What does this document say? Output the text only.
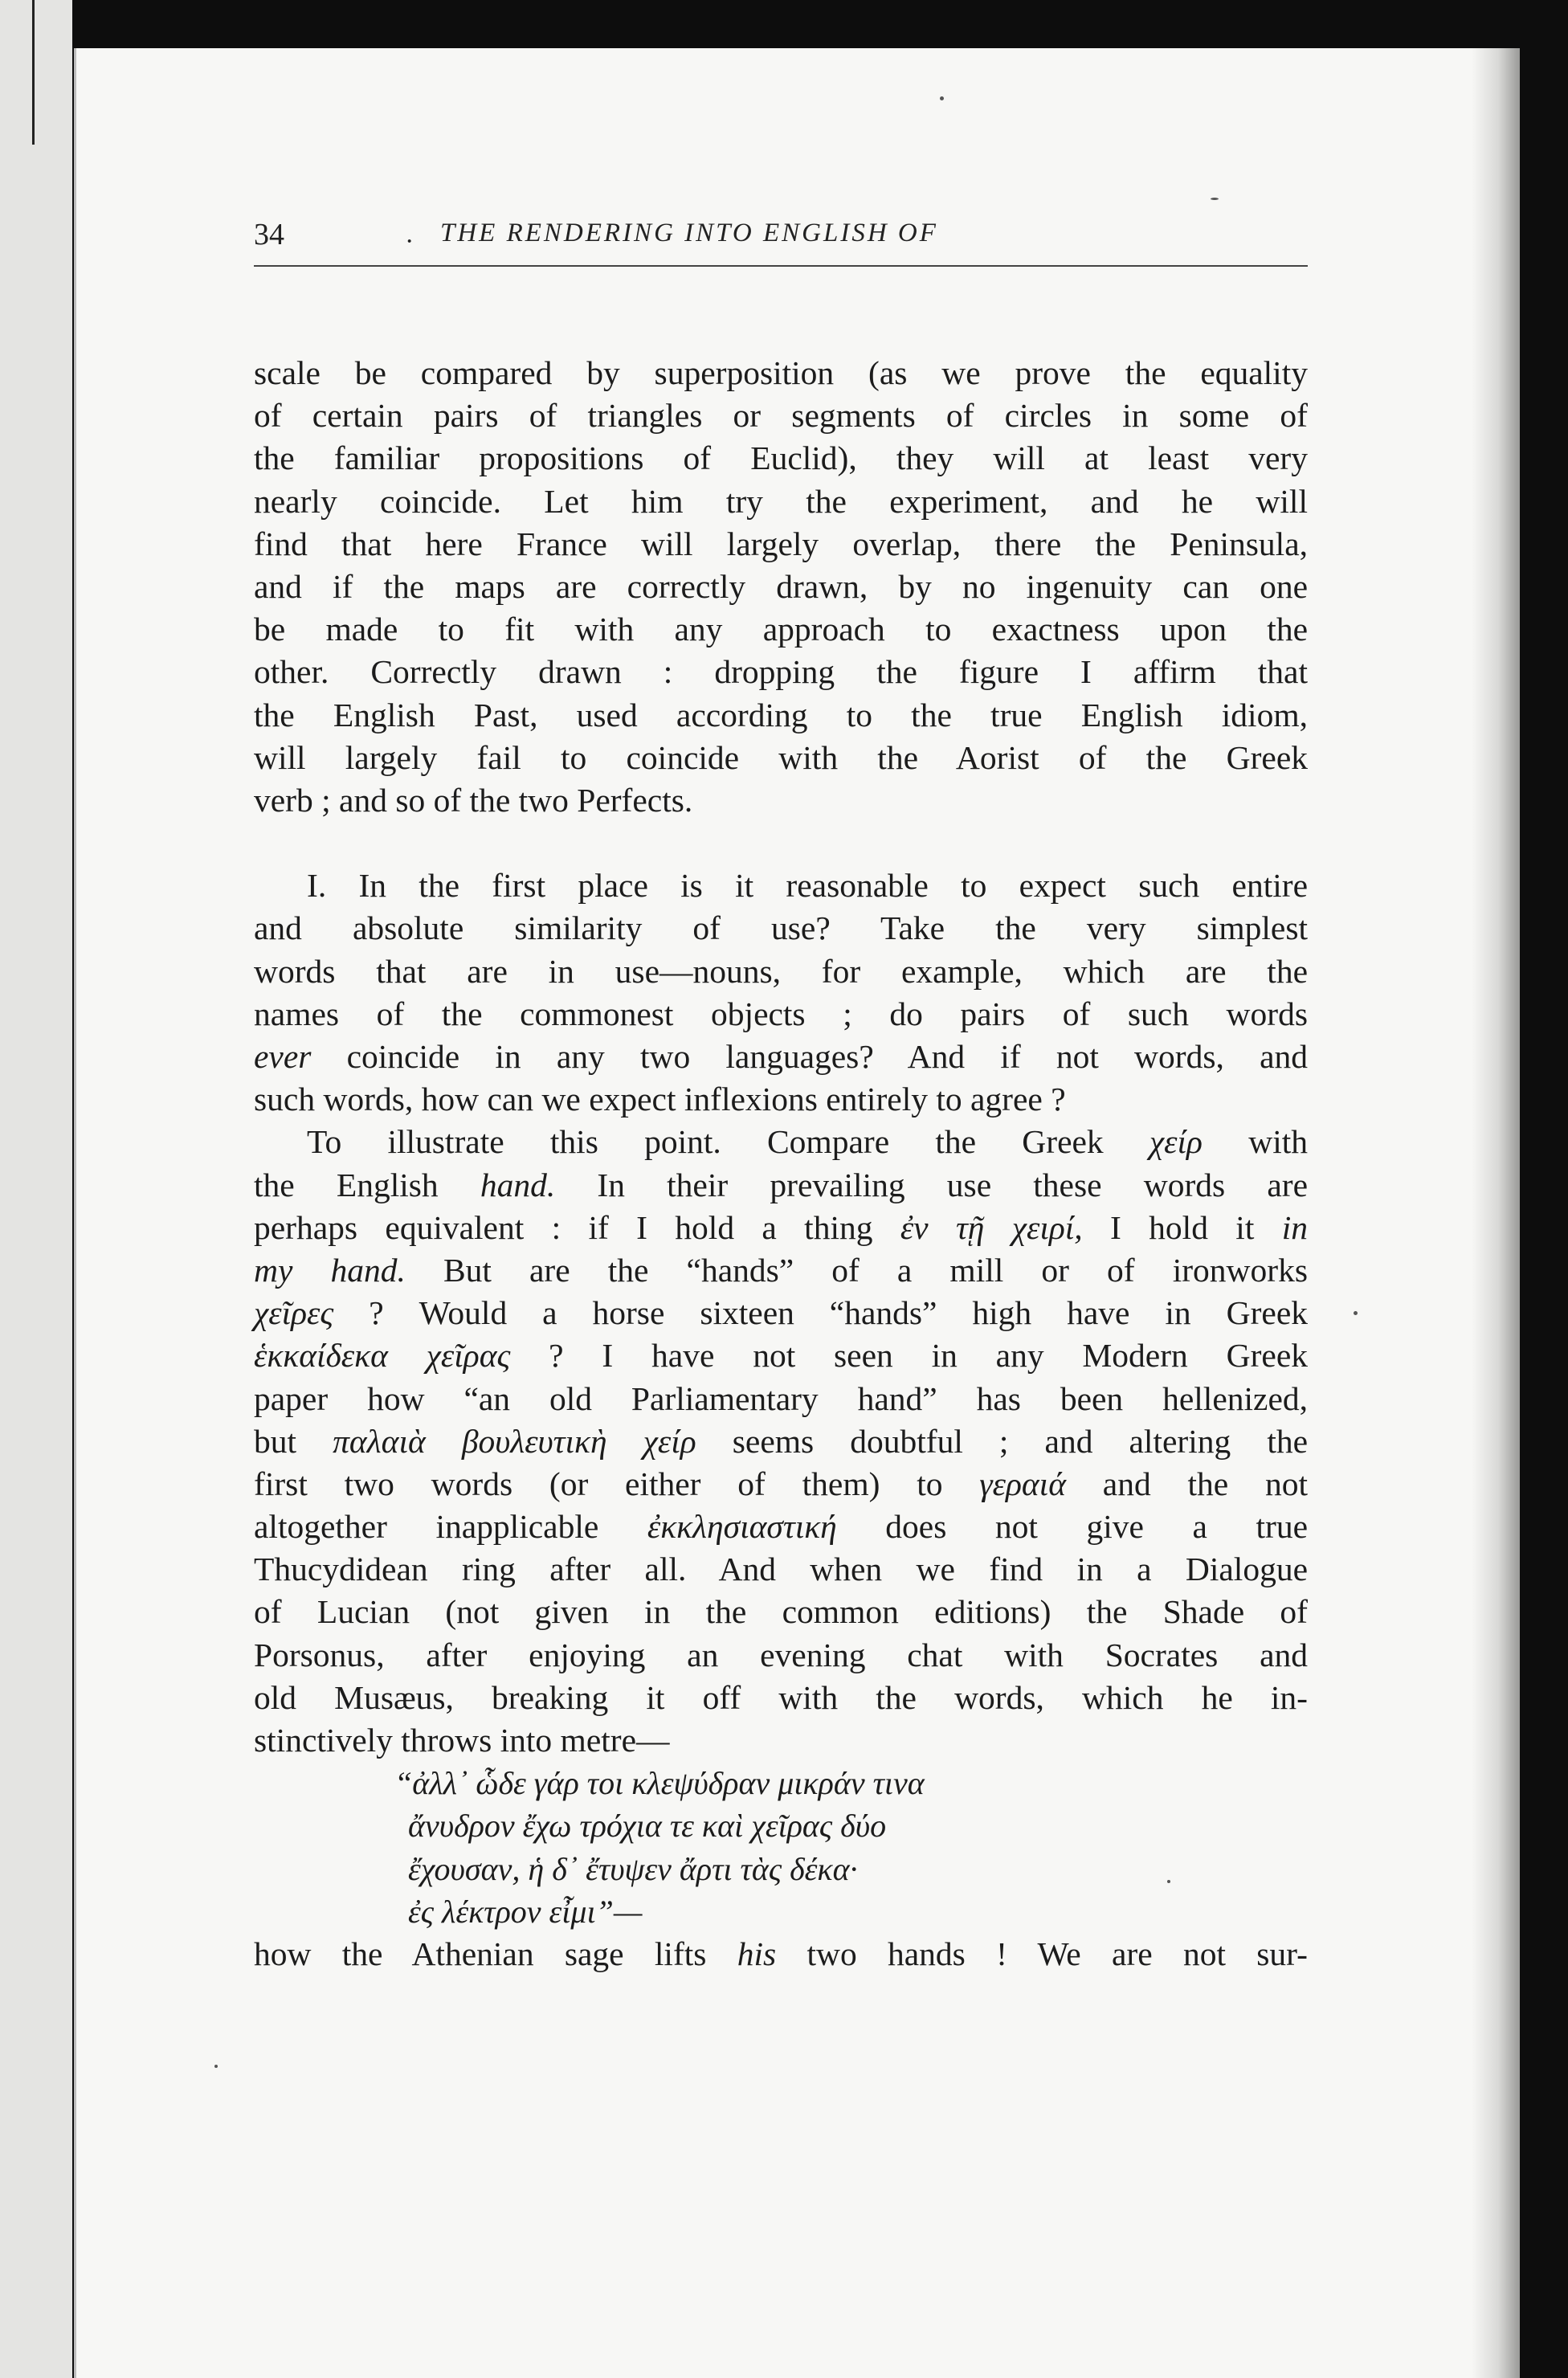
34	· THE RENDERING INTO ENGLISH OF
scale be compared by superposition (as we prove the equality
of certain pairs of triangles or segments of circles in some of
the familiar propositions of Euclid), they will at least very
nearly coincide. Let him try the experiment, and he will
find that here France will largely overlap, there the Peninsula,
and if the maps are correctly drawn, by no ingenuity can one
be made to fit with any approach to exactness upon the
other. Correctly drawn : dropping the figure I affirm that
the English Past, used according to the true English idiom,
will largely fail to coincide with the Aorist of the Greek
verb ; and so of the two Perfects.
I. In the first place is it reasonable to expect such entire
and absolute similarity of use? Take the very simplest
words that are in use—nouns, for example, which are the
names of the commonest objects ; do pairs of such words
ever coincide in any two languages? And if not words, and
such words, how can we expect inflexions entirely to agree ?
To illustrate this point. Compare the Greek χείρ with
the English hand. In their prevailing use these words are
perhaps equivalent : if I hold a thing ἐν τῇ χειρί, I hold it in
my hand. But are the “hands” of a mill or of ironworks
χεῖρες ? Would a horse sixteen “hands” high have in Greek
ἑκκαίδεκα χεῖρας ? I have not seen in any Modern Greek
paper how “an old Parliamentary hand” has been hellenized,
but παλαιὰ βουλευτικὴ χείρ seems doubtful ; and altering the
first two words (or either of them) to γεραιά and the not
altogether inapplicable ἐκκλησιαστική does not give a true
Thucydidean ring after all. And when we find in a Dialogue
of Lucian (not given in the common editions) the Shade of
Porsonus, after enjoying an evening chat with Socrates and
old Musæus, breaking it off with the words, which he in-
stinctively throws into metre—
“ἀλλ᾽ ὧδε γάρ τοι κλεψύδραν μικράν τινα
ἄνυδρον ἔχω τρόχια τε καὶ χεῖρας δύο
ἔχουσαν, ἡ δ᾽ ἔτυψεν ἄρτι τὰς δέκα·
ἐς λέκτρον εἶμι”—
how the Athenian sage lifts his two hands ! We are not sur-
